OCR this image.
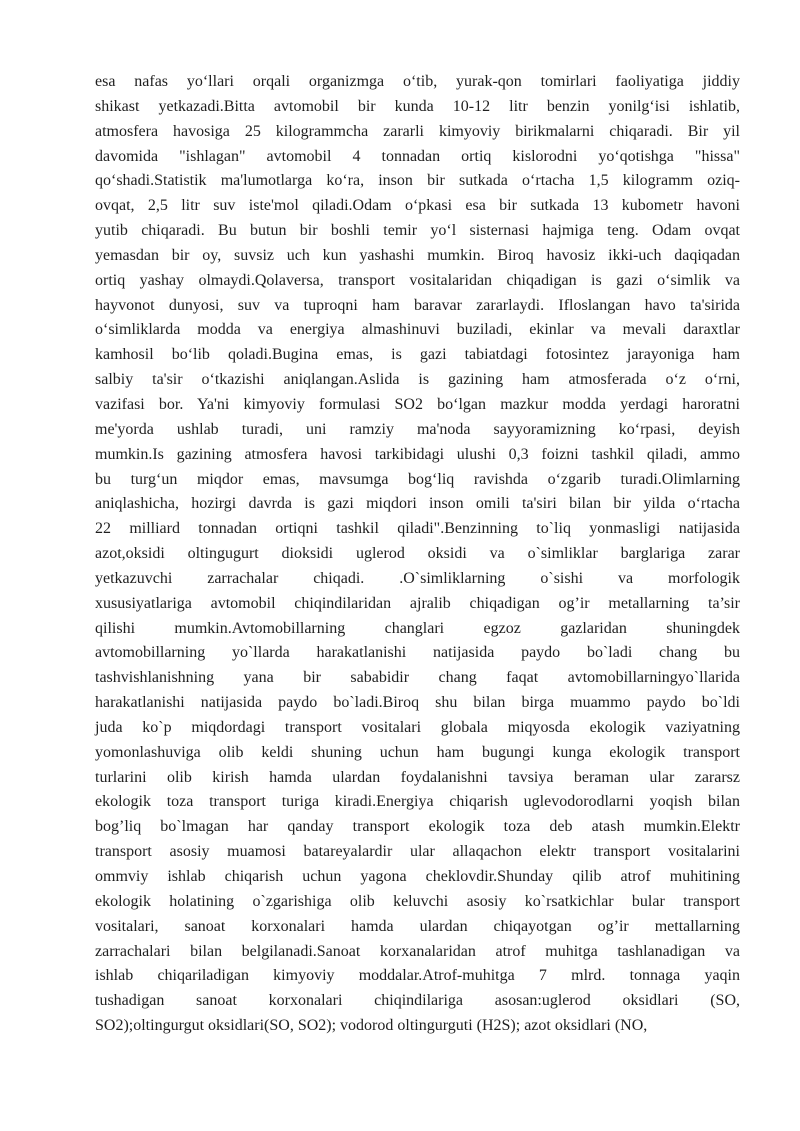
esa nafas yo‘llari orqali organizmga o‘tib, yurak-qon tomirlari faoliyatiga jiddiy
shikast yetkazadi.Bitta avtomobil bir kunda 10-12 litr benzin yonilg‘isi ishlatib,
atmosfera havosiga 25 kilogrammcha zararli kimyoviy birikmalarni chiqaradi. Bir yil
davomida "ishlagan" avtomobil 4 tonnadan ortiq kislorodni yo‘qotishga "hissa"
qo‘shadi.Statistik ma'lumotlarga ko‘ra, inson bir sutkada o‘rtacha 1,5 kilogramm oziq-
ovqat, 2,5 litr suv iste'mol qiladi.Odam o‘pkasi esa bir sutkada 13 kubometr havoni
yutib chiqaradi. Bu butun bir boshli temir yo‘l sisternasi hajmiga teng. Odam ovqat
yemasdan bir oy, suvsiz uch kun yashashi mumkin. Biroq havosiz ikki-uch daqiqadan
ortiq yashay olmaydi.Qolaversa, transport vositalaridan chiqadigan is gazi o‘simlik va
hayvonot dunyosi, suv va tuproqni ham baravar zararlaydi. Ifloslangan havo ta'sirida
o‘simliklarda modda va energiya almashinuvi buziladi, ekinlar va mevali daraxtlar
kamhosil bo‘lib qoladi.Bugina emas, is gazi tabiatdagi fotosintez jarayoniga ham
salbiy ta'sir o‘tkazishi aniqlangan.Aslida is gazining ham atmosferada o‘z o‘rni,
vazifasi bor. Ya'ni kimyoviy formulasi SO2 bo‘lgan mazkur modda yerdagi haroratni
me'yorda ushlab turadi, uni ramziy ma'noda sayyoramizning ko‘rpasi, deyish
mumkin.Is gazining atmosfera havosi tarkibidagi ulushi 0,3 foizni tashkil qiladi, ammo
bu turg‘un miqdor emas, mavsumga bog‘liq ravishda o‘zgarib turadi.Olimlarning
aniqlashicha, hozirgi davrda is gazi miqdori inson omili ta'siri bilan bir yilda o‘rtacha
22 milliard tonnadan ortiqni tashkil qiladi".Benzinning to`liq yonmasligi natijasida
azot,oksidi oltingugurt dioksidi uglerod oksidi va o`simliklar barglariga zarar
yetkazuvchi zarrachalar chiqadi. .O`simliklarning o`sishi va morfologik
xususiyatlariga avtomobil chiqindilaridan ajralib chiqadigan og’ir metallarning ta’sir
qilishi mumkin.Avtomobillarning changlari egzoz gazlaridan shuningdek
avtomobillarning yo`llarda harakatlanishi natijasida paydo bo`ladi chang bu
tashvishlanishning yana bir sababidir chang faqat avtomobillarningyo`llarida
harakatlanishi natijasida paydo bo`ladi.Biroq shu bilan birga muammo paydo bo`ldi
juda ko`p miqdordagi transport vositalari globala miqyosda ekologik vaziyatning
yomonlashuviga olib keldi shuning uchun ham bugungi kunga ekologik transport
turlarini olib kirish hamda ulardan foydalanishni tavsiya beraman ular zararsz
ekologik toza transport turiga kiradi.Energiya chiqarish uglevodorodlarni yoqish bilan
bog’liq bo`lmagan har qanday transport ekologik toza deb atash mumkin.Elektr
transport asosiy muamosi batareyalardir ular allaqachon elektr transport vositalarini
ommviy ishlab chiqarish uchun yagona cheklovdir.Shunday qilib atrof muhitining
ekologik holatining o`zgarishiga olib keluvchi asosiy ko`rsatkichlar bular transport
vositalari, sanoat korxonalari hamda ulardan chiqayotgan og’ir mettallarning
zarrachalari bilan belgilanadi.Sanoat korxanalaridan atrof muhitga tashlanadigan va
ishlab chiqariladigan kimyoviy moddalar.Atrof-muhitga 7 mlrd. tonnaga yaqin
tushadigan sanoat korxonalari chiqindilariga asosan:uglerod oksidlari (SO,
SO2);oltingurgut oksidlari(SO, SO2); vodorod oltingurguti (H2S); azot oksidlari (NO,
